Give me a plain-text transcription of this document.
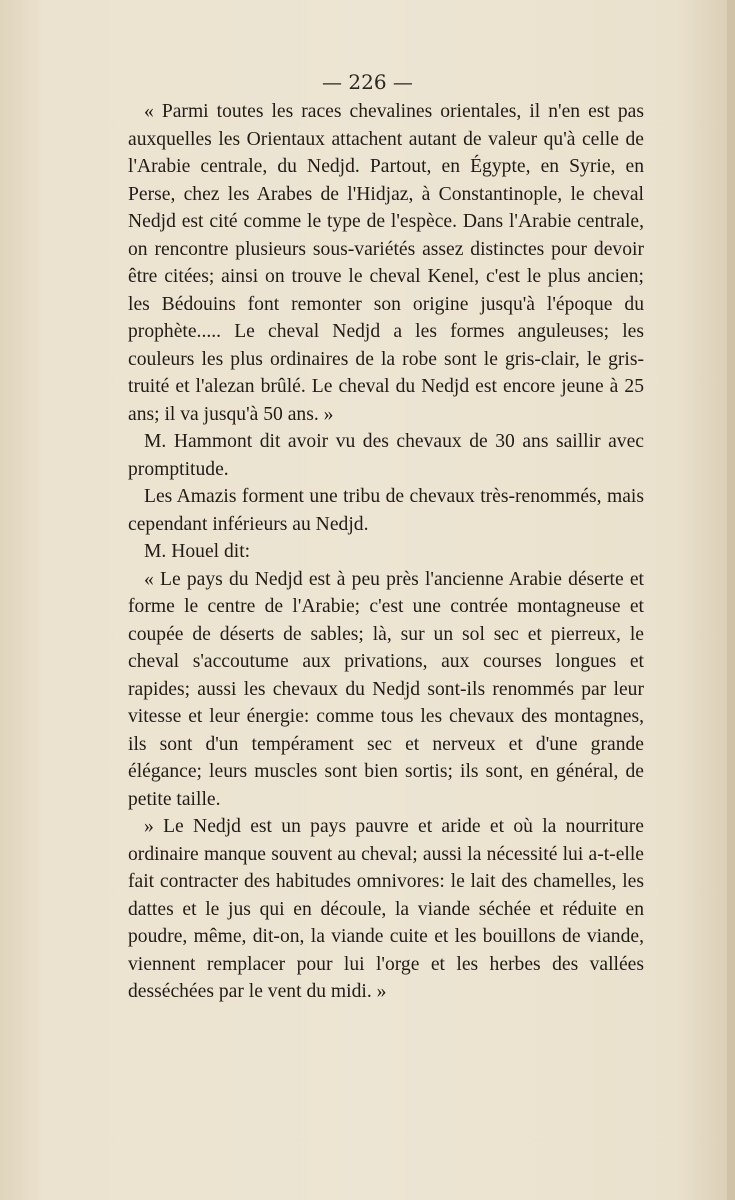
— 226 —

« Parmi toutes les races chevalines orientales, il n'en est pas auxquelles les Orientaux attachent autant de valeur qu'à celle de l'Arabie centrale, du Nedjd. Partout, en Égypte, en Syrie, en Perse, chez les Arabes de l'Hidjaz, à Constantinople, le cheval Nedjd est cité comme le type de l'espèce. Dans l'Arabie centrale, on rencontre plusieurs sous-variétés assez distinctes pour devoir être citées; ainsi on trouve le cheval Kenel, c'est le plus ancien; les Bédouins font remonter son origine jusqu'à l'époque du prophète..... Le cheval Nedjd a les formes anguleuses; les couleurs les plus ordinaires de la robe sont le gris-clair, le gris-truité et l'alezan brûlé. Le cheval du Nedjd est encore jeune à 25 ans; il va jusqu'à 50 ans. »

M. Hammont dit avoir vu des chevaux de 30 ans saillir avec promptitude.

Les Amazis forment une tribu de chevaux très-renommés, mais cependant inférieurs au Nedjd.

M. Houel dit:

« Le pays du Nedjd est à peu près l'ancienne Arabie déserte et forme le centre de l'Arabie; c'est une contrée montagneuse et coupée de déserts de sables; là, sur un sol sec et pierreux, le cheval s'accoutume aux privations, aux courses longues et rapides; aussi les chevaux du Nedjd sont-ils renommés par leur vitesse et leur énergie: comme tous les chevaux des montagnes, ils sont d'un tempérament sec et nerveux et d'une grande élégance; leurs muscles sont bien sortis; ils sont, en général, de petite taille.

» Le Nedjd est un pays pauvre et aride et où la nourriture ordinaire manque souvent au cheval; aussi la nécessité lui a-t-elle fait contracter des habitudes omnivores: le lait des chamelles, les dattes et le jus qui en découle, la viande séchée et réduite en poudre, même, dit-on, la viande cuite et les bouillons de viande, viennent remplacer pour lui l'orge et les herbes des vallées desséchées par le vent du midi. »
